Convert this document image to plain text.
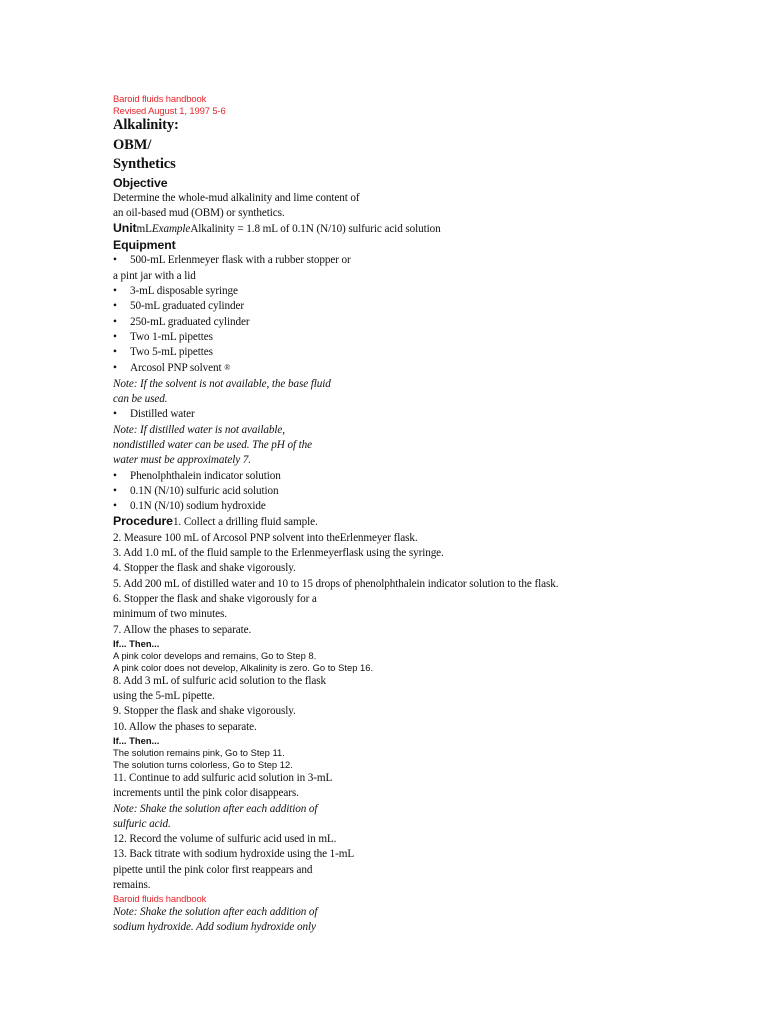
Baroid fluids handbook
Revised August 1, 1997 5-6
Alkalinity:
OBM/
Synthetics
Objective
Determine the whole-mud alkalinity and lime content of
an oil-based mud (OBM) or synthetics.
UnitmLExampleAlkalinity = 1.8 mL of 0.1N (N/10) sulfuric acid solution
Equipment
• 500-mL Erlenmeyer flask with a rubber stopper or
a pint jar with a lid
• 3-mL disposable syringe
• 50-mL graduated cylinder
• 250-mL graduated cylinder
• Two 1-mL pipettes
• Two 5-mL pipettes
• Arcosol PNP solvent ®
Note: If the solvent is not available, the base fluid
can be used.
• Distilled water
Note: If distilled water is not available,
nondistilled water can be used. The pH of the
water must be approximately 7.
• Phenolphthalein indicator solution
• 0.1N (N/10) sulfuric acid solution
• 0.1N (N/10) sodium hydroxide
Procedure1. Collect a drilling fluid sample.
2. Measure 100 mL of Arcosol PNP solvent into theErlenmeyer flask.
3. Add 1.0 mL of the fluid sample to the Erlenmeyerflask using the syringe.
4. Stopper the flask and shake vigorously.
5. Add 200 mL of distilled water and 10 to 15 drops of phenolphthalein indicator solution to the flask.
6. Stopper the flask and shake vigorously for a
minimum of two minutes.
7. Allow the phases to separate.
If... Then...
A pink color develops and remains, Go to Step 8.
A pink color does not develop, Alkalinity is zero. Go to Step 16.
8. Add 3 mL of sulfuric acid solution to the flask
using the 5-mL pipette.
9. Stopper the flask and shake vigorously.
10. Allow the phases to separate.
If... Then...
The solution remains pink, Go to Step 11.
The solution turns colorless, Go to Step 12.
11. Continue to add sulfuric acid solution in 3-mL
increments until the pink color disappears.
Note: Shake the solution after each addition of
sulfuric acid.
12. Record the volume of sulfuric acid used in mL.
13. Back titrate with sodium hydroxide using the 1-mL
pipette until the pink color first reappears and
remains.
Baroid fluids handbook
Note: Shake the solution after each addition of
sodium hydroxide. Add sodium hydroxide only
